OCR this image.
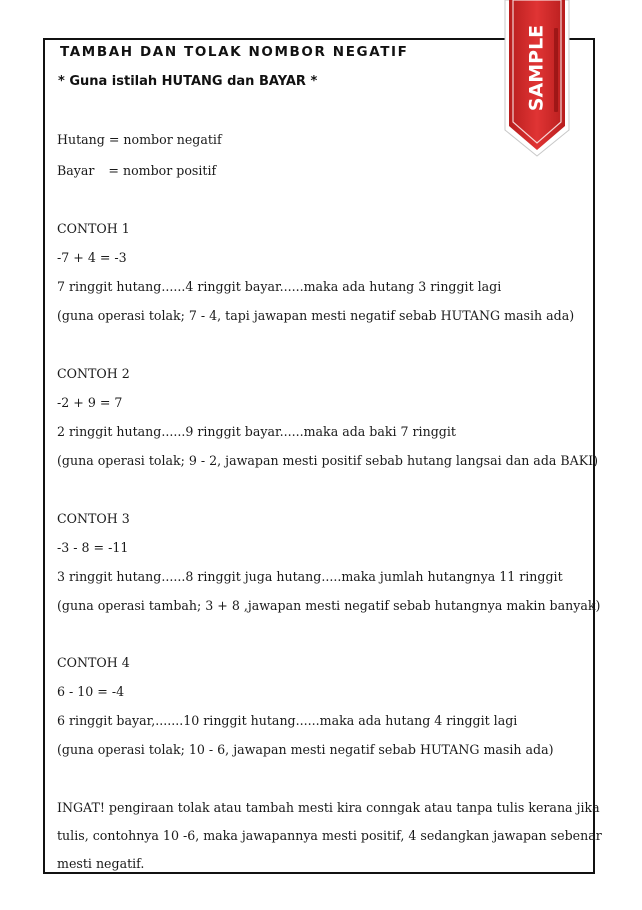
TAMBAH DAN TOLAK NOMBOR NEGATIF
* Guna istilah HUTANG dan BAYAR *
Hutang = nombor negatif
Bayar = nombor positif
CONTOH 1
-7 + 4 = -3
7 ringgit hutang......4 ringgit bayar......maka ada hutang 3 ringgit lagi
(guna operasi tolak; 7 - 4, tapi jawapan mesti negatif sebab HUTANG masih ada)
CONTOH 2
-2 + 9 = 7
2 ringgit hutang......9 ringgit bayar......maka ada baki 7 ringgit
(guna operasi tolak; 9 - 2, jawapan mesti positif sebab hutang langsai dan ada BAKI)
CONTOH 3
-3 - 8 = -11
3 ringgit hutang......8 ringgit juga hutang.....maka jumlah hutangnya 11 ringgit
(guna operasi tambah; 3 + 8 ,jawapan mesti negatif sebab hutangnya makin banyak)
CONTOH 4
6 - 10 = -4
6 ringgit bayar,.......10 ringgit hutang......maka ada hutang 4 ringgit lagi
(guna operasi tolak; 10 - 6, jawapan mesti negatif sebab HUTANG masih ada)
INGAT! pengiraan tolak atau tambah mesti kira conngak atau tanpa tulis kerana jika
tulis, contohnya 10 -6, maka jawapannya mesti positif, 4 sedangkan jawapan sebenar
mesti negatif.
SAMPLE
